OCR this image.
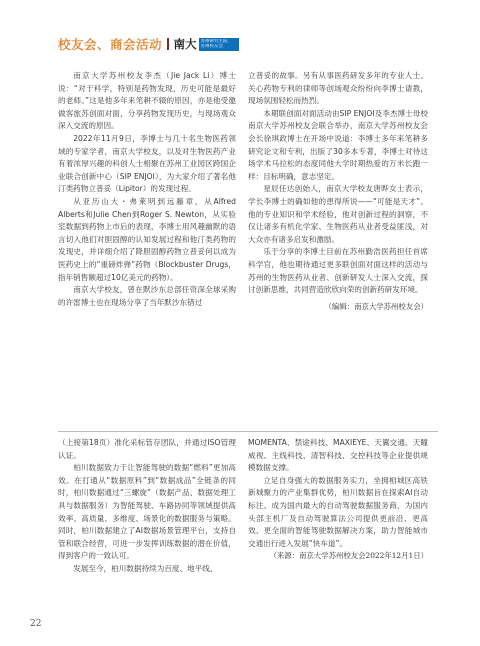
校友会、商会活动 南大 苏州研究生院
苏州校友会

南京大学苏州校友李杰（Jie Jack Li）博士说：“对于科学，特别是药物发现，历史可能是最好的老师。”这是他多年来笔耕不辍的原因，亦是他受邀做客旅苏创面对面，分享药物发现历史，与现场观众深入交流的原因。

2022年11月9日，李博士与几十名生物医药领域的专家学者，南京大学校友，以及对生物医药产业有着浓厚兴趣的科创人士相聚在苏州工业园区跨国企业联合创新中心（SIP ENJOI），为大家介绍了著名他汀类药物立普妥（Lipitor）的发现过程。

从亚历山大・弗莱明到远藤章，从Alfred Alberts和Julie Chen到Roger S. Newton，从实验室数据到药物上市后的表现，李博士用风趣幽默的语言切入他们对胆固醇的认知发展过程和他汀类药物的发现史，并详细介绍了降胆固醇药物立普妥何以成为医药史上的“重磅炸弹”药物（Blockbuster Drugs，指年销售额超过10亿美元的药物）。

南京大学校友，曾在默沙东总部任资深全球采购的许雷博士也在现场分享了当年默沙东错过

立普妥的故事。另有从事医药研发多年的专业人士、关心药物专利的律师等创场观众纷纷向李博士请教，现场氛围轻松而热烈。

本期联创面对面活动由SIP ENJOI及李杰博士母校南京大学苏州校友会联合举办，南京大学苏州校友会会长徐琪政博士在开场中说道：李博士多年来笔耕多研究论文和专利，出版了30多本专著，李博士对待这场学术马拉松的态度同他大学时期热爱的万米长跑一样：目标明确，意志坚定。

星辰任达创始人，南京大学校友唐晔女士表示，学长李博士的确如他的患得所说——“可能是天才”。他的专业知识和学术经验，他对创新过程的洞察，不仅让诸多有机化学家、生物医药从业者受益匪浅，对大众亦有诸多启发和激励。

乐于分享的李博士目前在苏州勤浩医药担任首席科学官，他也期待通过更多联创面对面这样的活动与苏州的生物医药从业者、创新研发人士深入交流，探讨创新思维，共同营造欣欣向荣的创新药研发环境。

（编辑：南京大学苏州校友会）

（上接第18页）准化采标管存团队，并通过ISO管理认证。

柏川数据致力于让智能驾驶的数据“燃料”更加高效。在打通从“数据原料”到“数据成品”全链条的同时，柏川数据通过“三螺旋”（数据产品、数据处理工具与数据服务）为智能驾驶、车路协同等领域提供高效率、高质量、多维度、场景化的数据服务与策略。同时，柏川数据建立了AI数据场景管理平台，支持自管和联合经营，可进一步发挥训练数据的潜在价值，得到客户的一致认可。

发展至今，柏川数据持续为百度、地平线、

MOMENTA、禁途科技、MAXIEYE、天翼交通、天瞳威视、主线科技、清智科技、交控科技等企业提供规模数据支撑。

立足自身强大的数据服务实力，坐拥相城区高铁新城聚力的产业集群优势，柏川数据旨在探索AI自动标注、成为国内最大的自动驾驶数据服务商，为国内头部主机厂及自动驾驶算法公司提供更前沿、更高效、更全面的智能驾驶数据解决方案，助力智能城市交通出行进入发展“快车道”。

（来源：南京大学苏州校友会2022年12月1日）
22
